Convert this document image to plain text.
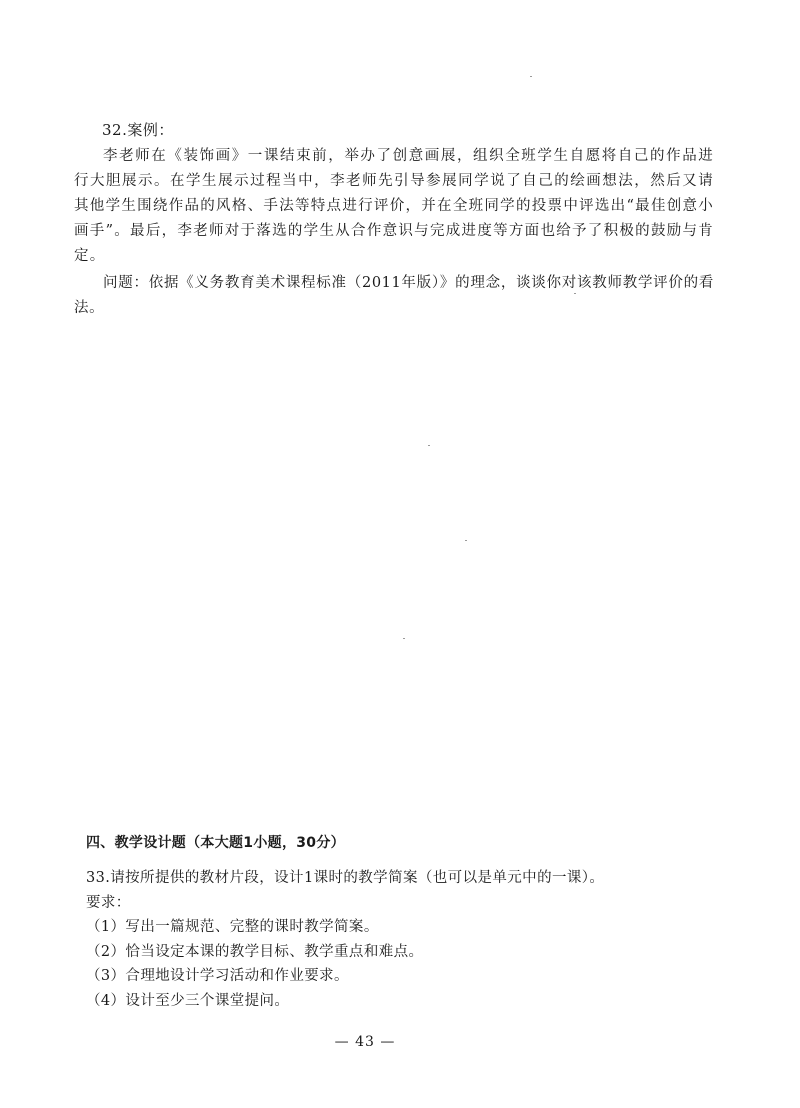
32.案例：

李老师在《装饰画》一课结束前，举办了创意画展，组织全班学生自愿将自己的作品进行大胆展示。在学生展示过程当中，李老师先引导参展同学说了自己的绘画想法，然后又请其他学生围绕作品的风格、手法等特点进行评价，并在全班同学的投票中评选出“最佳创意小画手”。最后，李老师对于落选的学生从合作意识与完成进度等方面也给予了积极的鼓励与肯定。

问题：依据《义务教育美术课程标准（2011年版）》的理念，谈谈你对该教师教学评价的看法。

四、教学设计题（本大题1小题，30分）

33.请按所提供的教材片段，设计1课时的教学简案（也可以是单元中的一课）。

要求：

（1）写出一篇规范、完整的课时教学简案。

（2）恰当设定本课的教学目标、教学重点和难点。

（3）合理地设计学习活动和作业要求。

（4）设计至少三个课堂提问。

— 43 —
